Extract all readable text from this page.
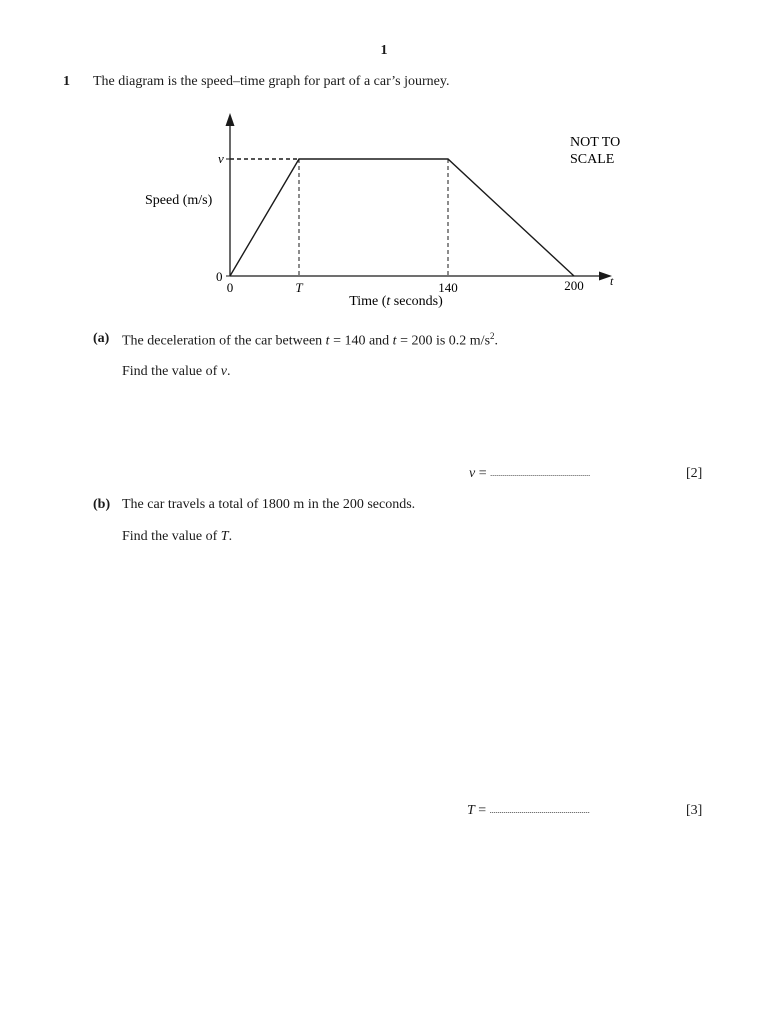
1
1 The diagram is the speed–time graph for part of a car’s journey.
v
0
Speed (m/s)
0	T	140	200 t
Time (t seconds)
NOT TO
SCALE
(a) The deceleration of the car between t = 140 and t = 200 is 0.2 $m/s^2$.
Find the value of v.
v = ..................................................	[2]
(b) The car travels a total of 1800 m in the 200 seconds.
Find the value of T.
T = ..................................................	[3]
